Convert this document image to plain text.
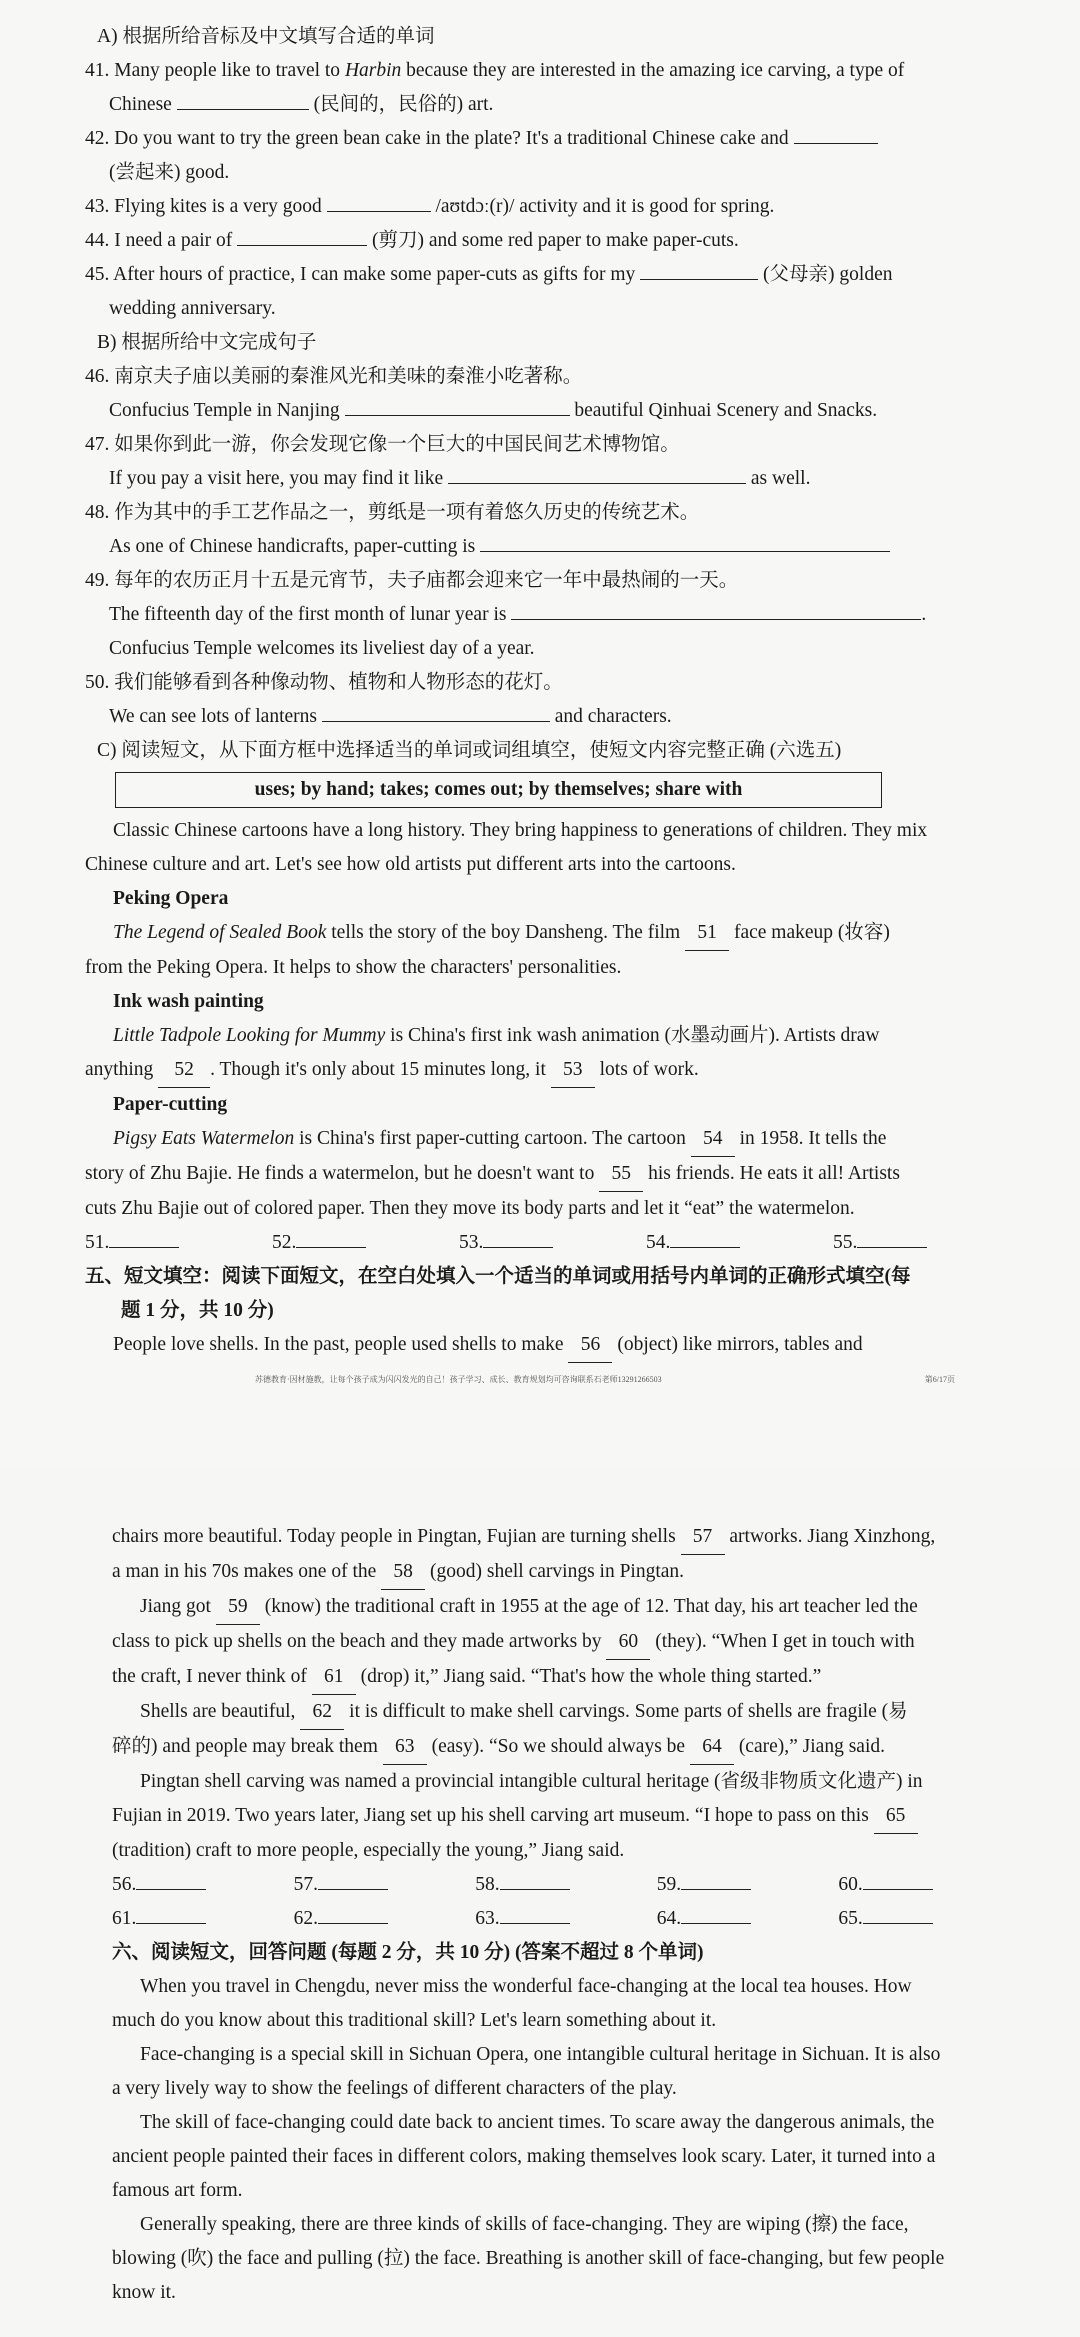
A) 根据所给音标及中文填写合适的单词
41. Many people like to travel to Harbin because they are interested in the amazing ice carving, a type of
Chinese	(民间的，民俗的) art.
42. Do you want to try the green bean cake in the plate? It's a traditional Chinese cake and
(尝起来) good.
43. Flying kites is a very good	/aʊtdɔː(r)/ activity and it is good for spring.
44. I need a pair of	(剪刀) and some red paper to make paper-cuts.
45. After hours of practice, I can make some paper-cuts as gifts for my	(父母亲) golden
wedding anniversary.
B) 根据所给中文完成句子
46. 南京夫子庙以美丽的秦淮风光和美味的秦淮小吃著称。
Confucius Temple in Nanjing	beautiful Qinhuai Scenery and Snacks.
47. 如果你到此一游，你会发现它像一个巨大的中国民间艺术博物馆。
If you pay a visit here, you may find it like	as well.
48. 作为其中的手工艺作品之一，剪纸是一项有着悠久历史的传统艺术。
As one of Chinese handicrafts, paper-cutting is
49. 每年的农历正月十五是元宵节，夫子庙都会迎来它一年中最热闹的一天。
The fifteenth day of the first month of lunar year is	.
Confucius Temple welcomes its liveliest day of a year.
50. 我们能够看到各种像动物、植物和人物形态的花灯。
We can see lots of lanterns	and characters.
C) 阅读短文，从下面方框中选择适当的单词或词组填空，使短文内容完整正确 (六选五)
uses; by hand; takes; comes out; by themselves; share with
Classic Chinese cartoons have a long history. They bring happiness to generations of children. They mix
Chinese culture and art. Let's see how old artists put different arts into the cartoons.
Peking Opera
The Legend of Sealed Book tells the story of the boy Dansheng. The film 51 face makeup (妆容)
from the Peking Opera. It helps to show the characters' personalities.
Ink wash painting
Little Tadpole Looking for Mummy is China's first ink wash animation (水墨动画片). Artists draw
anything 52 . Though it's only about 15 minutes long, it 53 lots of work.
Paper-cutting
Pigsy Eats Watermelon is China's first paper-cutting cartoon. The cartoon 54 in 1958. It tells the
story of Zhu Bajie. He finds a watermelon, but he doesn't want to 55 his friends. He eats it all! Artists
cuts Zhu Bajie out of colored paper. Then they move its body parts and let it “eat” the watermelon.
51.	52.	53.	54.	55.
五、短文填空：阅读下面短文，在空白处填入一个适当的单词或用括号内单词的正确形式填空(每
题 1 分，共 10 分)
People love shells. In the past, people used shells to make 56 (object) like mirrors, tables and
苏德教育·因材施教，让每个孩子成为闪闪发光的自己！孩子学习、成长、教育规划均可咨询联系石老师13291266503	第6/17页
chairs more beautiful. Today people in Pingtan, Fujian are turning shells 57 artworks. Jiang Xinzhong,
a man in his 70s makes one of the 58 (good) shell carvings in Pingtan.
Jiang got 59 (know) the traditional craft in 1955 at the age of 12. That day, his art teacher led the
class to pick up shells on the beach and they made artworks by 60 (they). “When I get in touch with
the craft, I never think of 61 (drop) it,” Jiang said. “That's how the whole thing started.”
Shells are beautiful, 62 it is difficult to make shell carvings. Some parts of shells are fragile (易
碎的) and people may break them 63 (easy). “So we should always be 64 (care),” Jiang said.
Pingtan shell carving was named a provincial intangible cultural heritage (省级非物质文化遗产) in
Fujian in 2019. Two years later, Jiang set up his shell carving art museum. “I hope to pass on this 65
(tradition) craft to more people, especially the young,” Jiang said.
56.	57.	58.	59.	60.
61.	62.	63.	64.	65.
六、阅读短文，回答问题 (每题 2 分，共 10 分) (答案不超过 8 个单词)
When you travel in Chengdu, never miss the wonderful face-changing at the local tea houses. How
much do you know about this traditional skill? Let's learn something about it.
Face-changing is a special skill in Sichuan Opera, one intangible cultural heritage in Sichuan. It is also
a very lively way to show the feelings of different characters of the play.
The skill of face-changing could date back to ancient times. To scare away the dangerous animals, the
ancient people painted their faces in different colors, making themselves look scary. Later, it turned into a
famous art form.
Generally speaking, there are three kinds of skills of face-changing. They are wiping (擦) the face,
blowing (吹) the face and pulling (拉) the face. Breathing is another skill of face-changing, but few people
know it.
